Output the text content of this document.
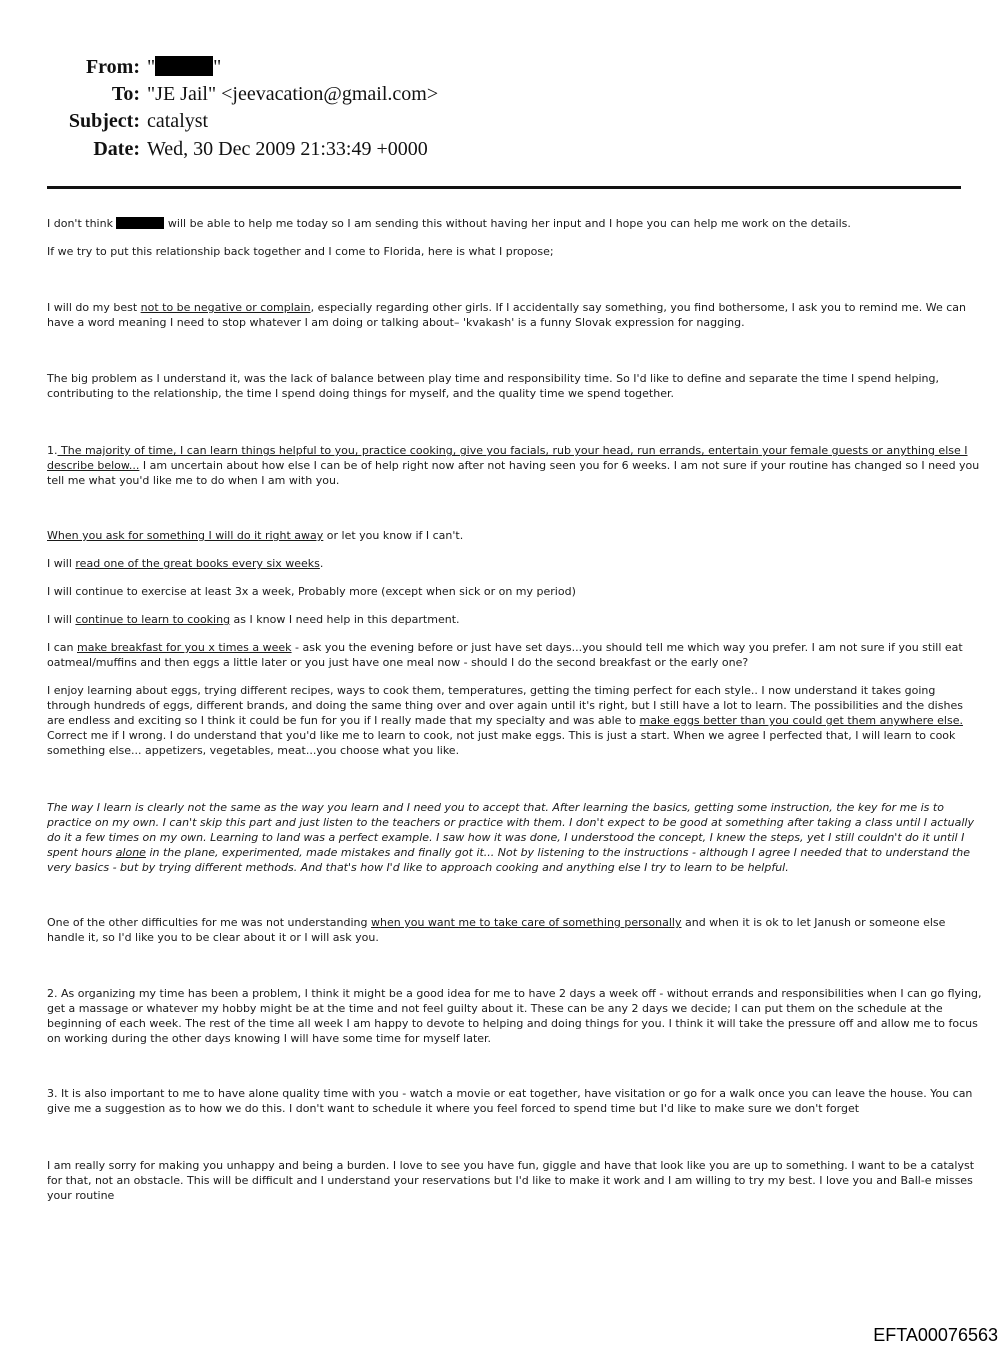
From: "	"
To: "JE Jail" <jeevacation@gmail.com>
Subject: catalyst
Date: Wed, 30 Dec 2009 21:33:49 +0000

I don't think	will be able to help me today so I am sending this without having her input and I hope you can help me work on the details.

If we try to put this relationship back together and I come to Florida, here is what I propose;

I will do my best not to be negative or complain, especially regarding other girls. If I accidentally say something, you find bothersome, I ask you to remind me. We can have a word meaning I need to stop whatever I am doing or talking about– 'kvakash' is a funny Slovak expression for nagging.

The big problem as I understand it, was the lack of balance between play time and responsibility time. So I'd like to define and separate the time I spend helping, contributing to the relationship, the time I spend doing things for myself, and the quality time we spend together.

1. The majority of time, I can learn things helpful to you, practice cooking, give you facials, rub your head, run errands, entertain your female guests or anything else I describe below... I am uncertain about how else I can be of help right now after not having seen you for 6 weeks. I am not sure if your routine has changed so I need you tell me what you'd like me to do when I am with you.

When you ask for something I will do it right away or let you know if I can't.

I will read one of the great books every six weeks.

I will continue to exercise at least 3x a week, Probably more (except when sick or on my period)

I will continue to learn to cooking as I know I need help in this department.

I can make breakfast for you x times a week - ask you the evening before or just have set days...you should tell me which way you prefer. I am not sure if you still eat oatmeal/muffins and then eggs a little later or you just have one meal now - should I do the second breakfast or the early one?

I enjoy learning about eggs, trying different recipes, ways to cook them, temperatures, getting the timing perfect for each style.. I now understand it takes going through hundreds of eggs, different brands, and doing the same thing over and over again until it's right, but I still have a lot to learn. The possibilities and the dishes are endless and exciting so I think it could be fun for you if I really made that my specialty and was able to make eggs better than you could get them anywhere else. Correct me if I wrong. I do understand that you'd like me to learn to cook, not just make eggs. This is just a start. When we agree I perfected that, I will learn to cook something else... appetizers, vegetables, meat...you choose what you like.

The way I learn is clearly not the same as the way you learn and I need you to accept that. After learning the basics, getting some instruction, the key for me is to practice on my own. I can't skip this part and just listen to the teachers or practice with them. I don't expect to be good at something after taking a class until I actually do it a few times on my own. Learning to land was a perfect example. I saw how it was done, I understood the concept, I knew the steps, yet I still couldn't do it until I spent hours alone in the plane, experimented, made mistakes and finally got it... Not by listening to the instructions - although I agree I needed that to understand the very basics - but by trying different methods. And that's how I'd like to approach cooking and anything else I try to learn to be helpful.

One of the other difficulties for me was not understanding when you want me to take care of something personally and when it is ok to let Janush or someone else handle it, so I'd like you to be clear about it or I will ask you.

2. As organizing my time has been a problem, I think it might be a good idea for me to have 2 days a week off - without errands and responsibilities when I can go flying, get a massage or whatever my hobby might be at the time and not feel guilty about it. These can be any 2 days we decide; I can put them on the schedule at the beginning of each week. The rest of the time all week I am happy to devote to helping and doing things for you. I think it will take the pressure off and allow me to focus on working during the other days knowing I will have some time for myself later.

3. It is also important to me to have alone quality time with you - watch a movie or eat together, have visitation or go for a walk once you can leave the house. You can give me a suggestion as to how we do this. I don't want to schedule it where you feel forced to spend time but I'd like to make sure we don't forget

I am really sorry for making you unhappy and being a burden. I love to see you have fun, giggle and have that look like you are up to something. I want to be a catalyst for that, not an obstacle. This will be difficult and I understand your reservations but I'd like to make it work and I am willing to try my best. I love you and Ball-e misses your routine

EFTA00076563
